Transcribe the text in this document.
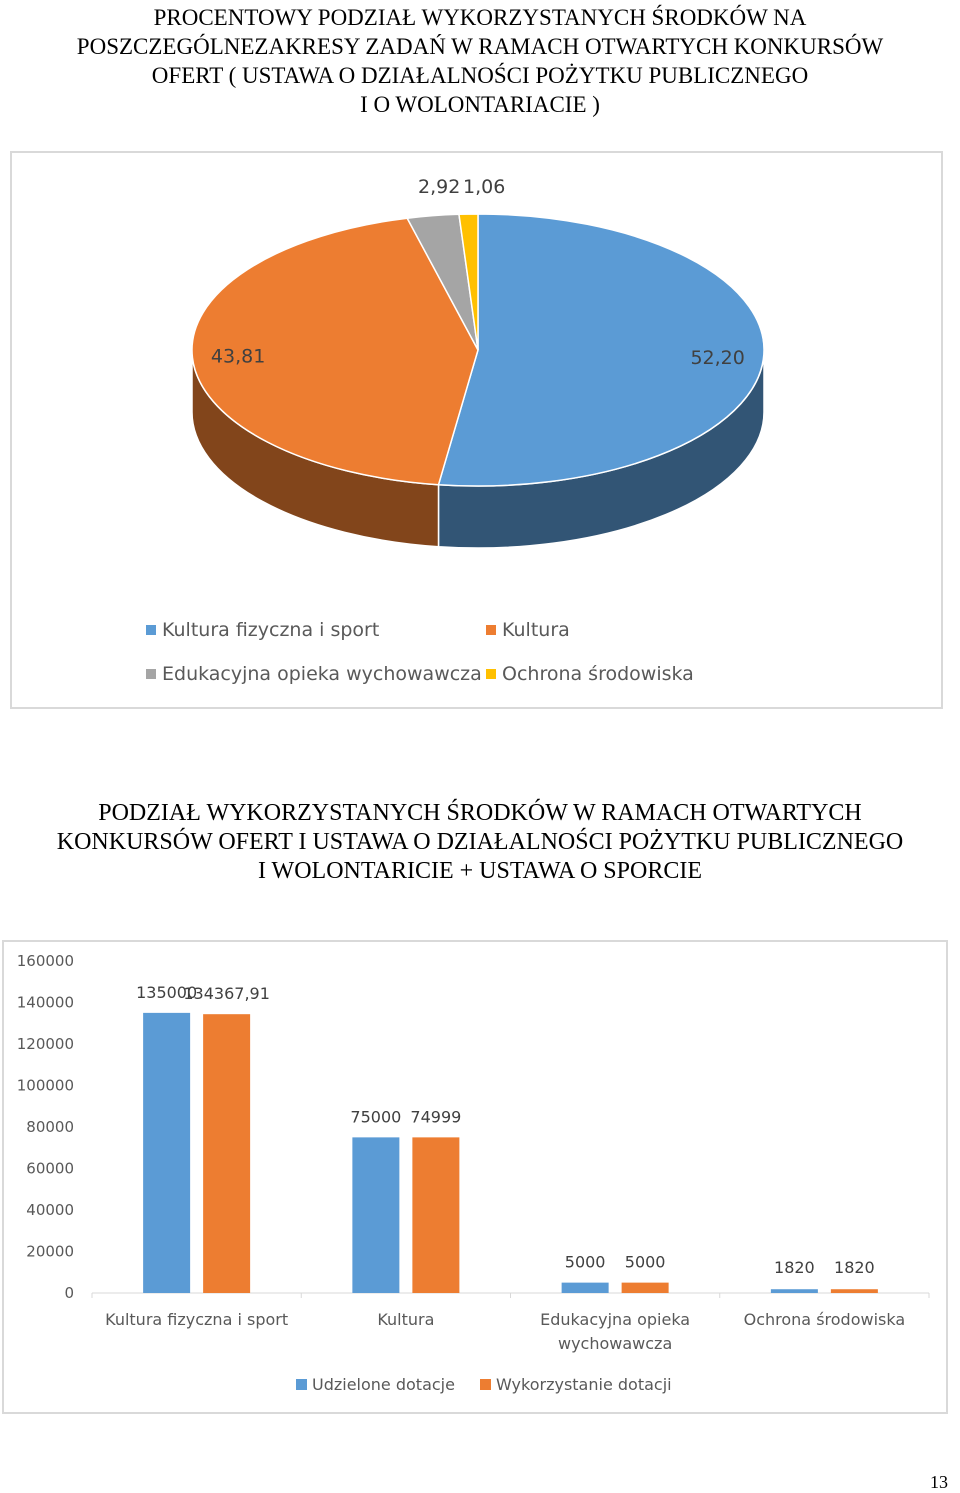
PROCENTOWY PODZIAŁ WYKORZYSTANYCH ŚRODKÓW NA
POSZCZEGÓLNEZAKRESY ZADAŃ W RAMACH OTWARTYCH KONKURSÓW
OFERT ( USTAWA O DZIAŁALNOŚCI POŻYTKU PUBLICZNEGO
I O WOLONTARIACIE )
52,20
43,81
2,92 1,06
Kultura fizyczna i sport	Kultura
Edukacyjna opieka wychowawcza Ochrona środowiska
PODZIAŁ WYKORZYSTANYCH ŚRODKÓW W RAMACH OTWARTYCH
KONKURSÓW OFERT I USTAWA O DZIAŁALNOŚCI POŻYTKU PUBLICZNEGO
I WOLONTARICIE + USTAWA O SPORCIE
0
20000
40000
60000
80000
100000
120000
140000
160000
135000
134367,91
75000 74999
5000 5000	1820 1820
Kultura fizyczna i sport	Kultura	Edukacyjna opieka
wychowawcza
Ochrona środowiska
Udzielone dotacje	Wykorzystanie dotacji
13
